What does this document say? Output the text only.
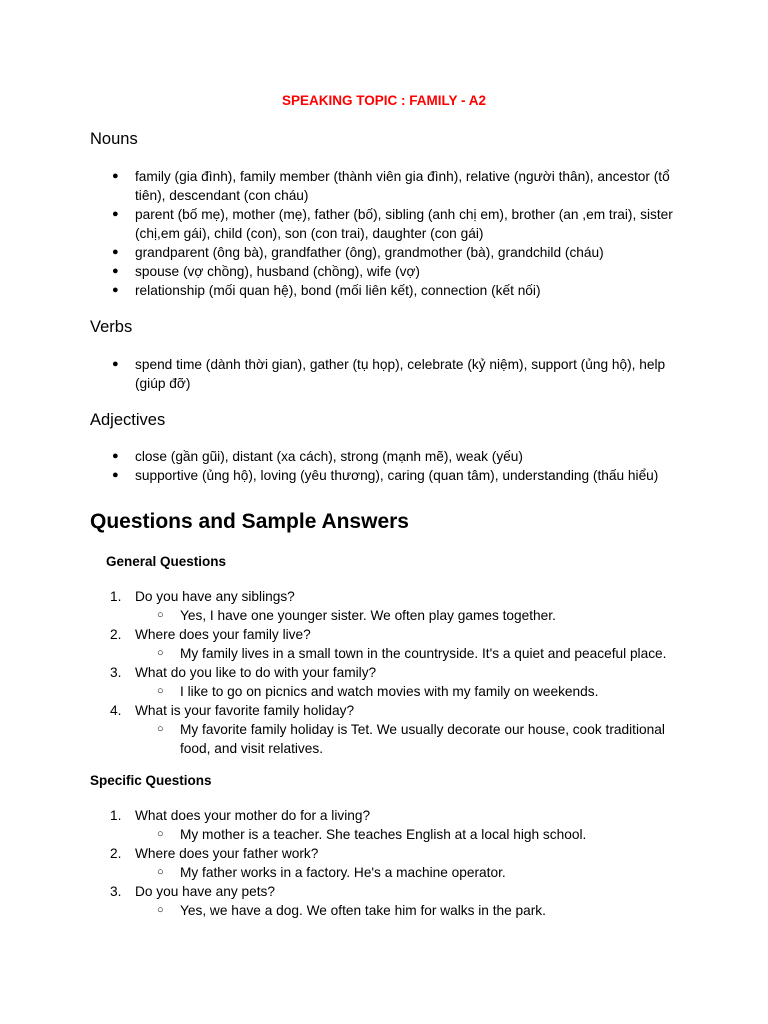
SPEAKING TOPIC : FAMILY - A2
Nouns
● family (gia đình), family member (thành viên gia đình), relative (người thân), ancestor (tổ tiên), descendant (con cháu)
● parent (bố mẹ), mother (mẹ), father (bố), sibling (anh chị em), brother (an ,em trai), sister (chị,em gái), child (con), son (con trai), daughter (con gái)
● grandparent (ông bà), grandfather (ông), grandmother (bà), grandchild (cháu)
● spouse (vợ chồng), husband (chồng), wife (vợ)
● relationship (mối quan hệ), bond (mối liên kết), connection (kết nối)
Verbs
● spend time (dành thời gian), gather (tụ họp), celebrate (kỷ niệm), support (ủng hộ), help (giúp đỡ)
Adjectives
● close (gần gũi), distant (xa cách), strong (mạnh mẽ), weak (yếu)
● supportive (ủng hộ), loving (yêu thương), caring (quan tâm), understanding (thấu hiểu)
Questions and Sample Answers
General Questions
1. Do you have any siblings?
○ Yes, I have one younger sister. We often play games together.
2. Where does your family live?
○ My family lives in a small town in the countryside. It's a quiet and peaceful place.
3. What do you like to do with your family?
○ I like to go on picnics and watch movies with my family on weekends.
4. What is your favorite family holiday?
○ My favorite family holiday is Tet. We usually decorate our house, cook traditional food, and visit relatives.
Specific Questions
1. What does your mother do for a living?
○ My mother is a teacher. She teaches English at a local high school.
2. Where does your father work?
○ My father works in a factory. He's a machine operator.
3. Do you have any pets?
○ Yes, we have a dog. We often take him for walks in the park.
